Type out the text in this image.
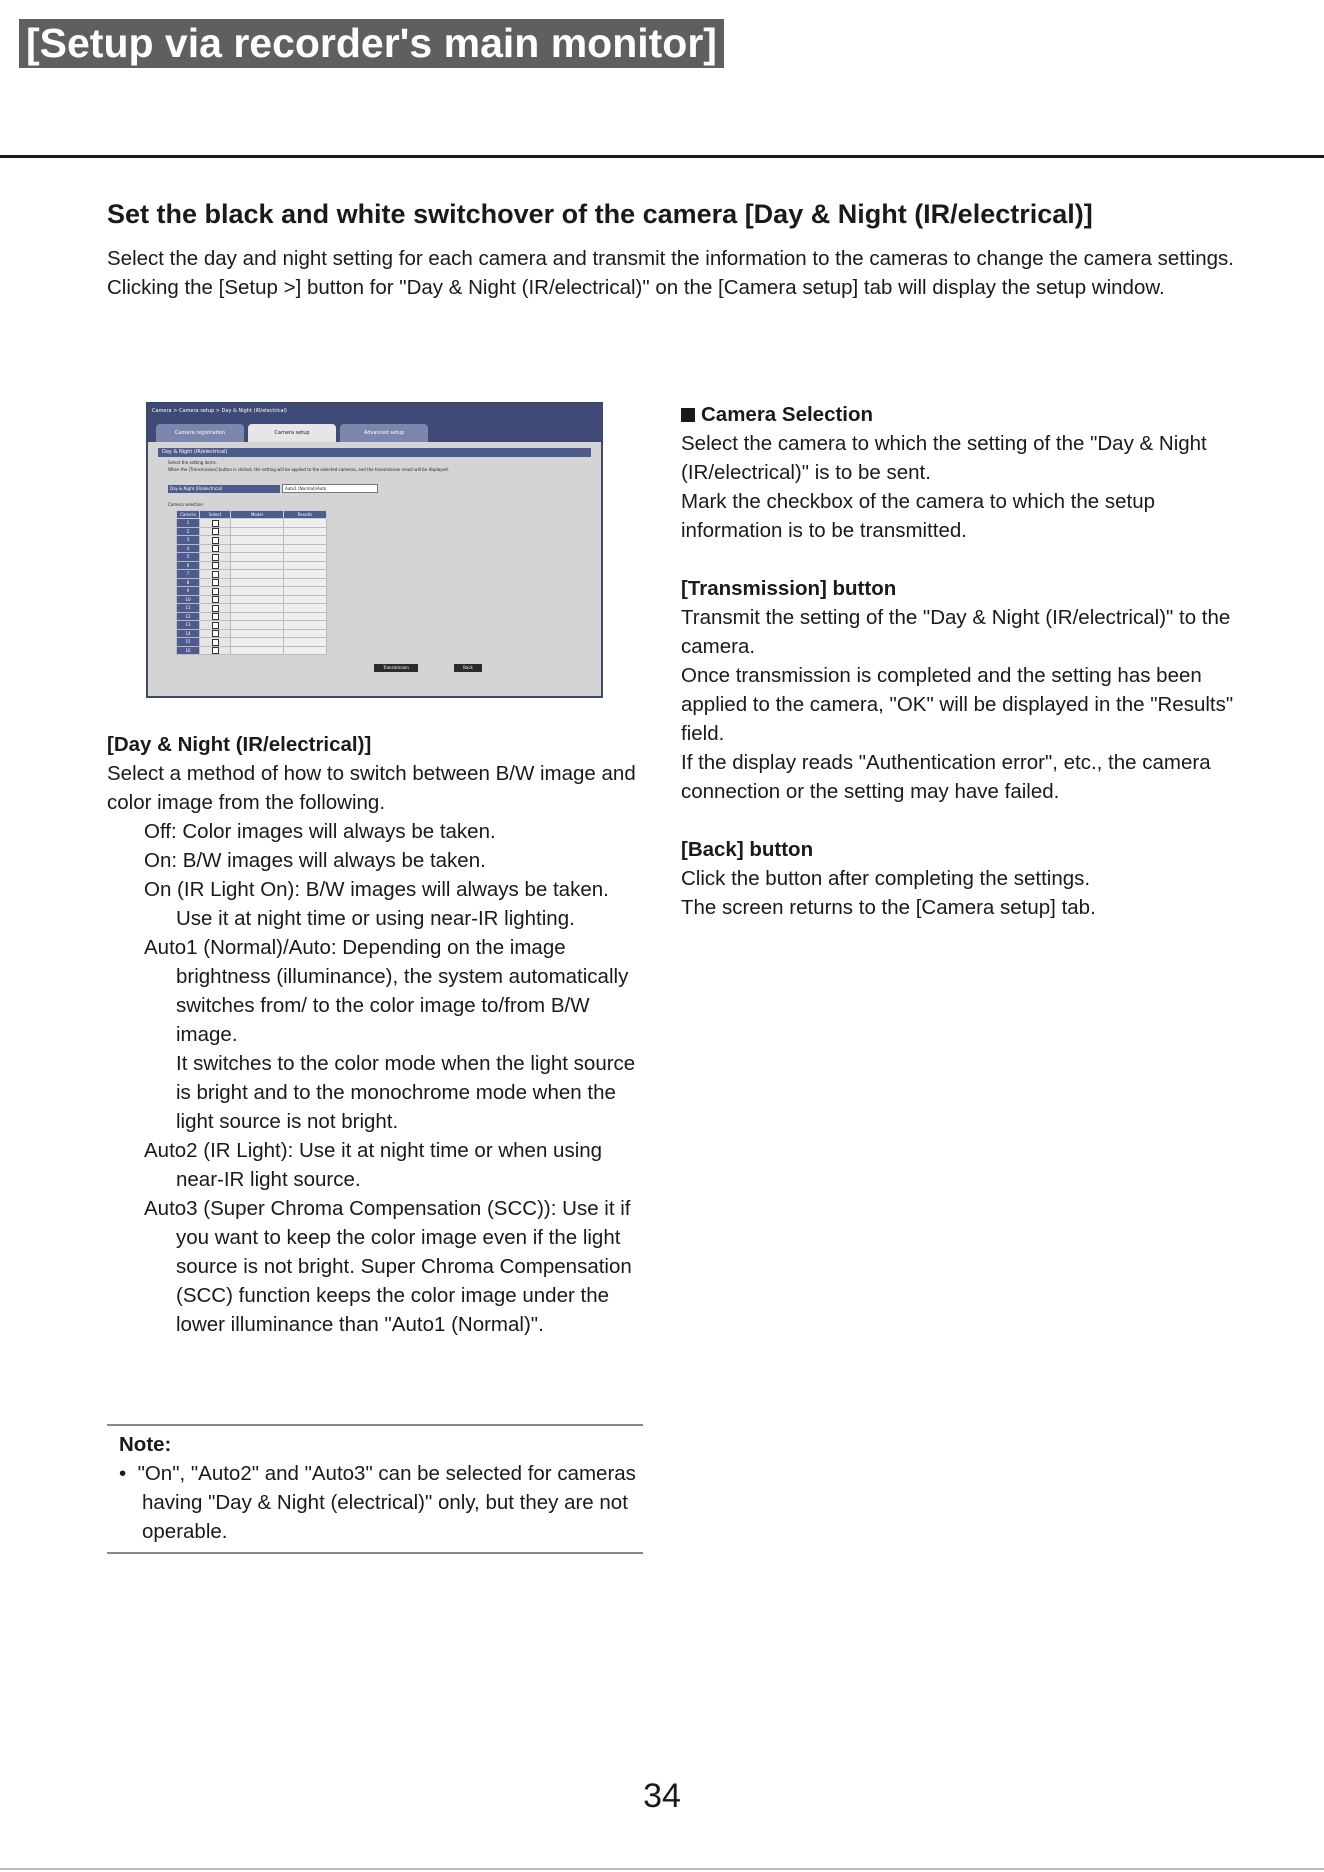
[Setup via recorder's main monitor]
Set the black and white switchover of the camera [Day & Night (IR/electrical)]

Select the day and night setting for each camera and transmit the information to the cameras to change the camera settings.

Clicking the [Setup >] button for "Day & Night (IR/electrical)" on the [Camera setup] tab will display the setup window.

Camera > Camera setup > Day & Night (IR/electrical)
Camera registration	Camera setup	Advanced setup
Day & Night (IR/electrical)
Select the setting items.
When the [Transmission] button is clicked, the setting will be applied to the selected cameras, and the transmission result will be displayed.
Day & Night (IR/electrical)	Auto1 (Normal)/Auto
Camera selection
Camera	Select	Model	Results
1			
2			
3			
4			
5			
6			
7			
8			
9			
10			
11			
12			
13			
14			
15			
16			
Transmission	Back

[Day & Night (IR/electrical)]

Select a method of how to switch between B/W image and color image from the following.

Off: Color images will always be taken.

On: B/W images will always be taken.

On (IR Light On): B/W images will always be taken. Use it at night time or using near-IR lighting.

Auto1 (Normal)/Auto: Depending on the image brightness (illuminance), the system automatically switches from/ to the color image to/from B/W image.

It switches to the color mode when the light source is bright and to the monochrome mode when the light source is not bright.

Auto2 (IR Light): Use it at night time or when using near-IR light source.

Auto3 (Super Chroma Compensation (SCC)): Use it if you want to keep the color image even if the light source is not bright. Super Chroma Compensation (SCC) function keeps the color image under the lower illuminance than "Auto1 (Normal)".

Note:
•  "On", "Auto2" and "Auto3" can be selected for cameras having "Day & Night (electrical)" only, but they are not operable.

Camera Selection

Select the camera to which the setting of the "Day & Night (IR/electrical)" is to be sent.

Mark the checkbox of the camera to which the setup information is to be transmitted.

[Transmission] button

Transmit the setting of the "Day & Night (IR/electrical)" to the camera.

Once transmission is completed and the setting has been applied to the camera, "OK" will be displayed in the "Results" field.

If the display reads "Authentication error", etc., the camera connection or the setting may have failed.

[Back] button

Click the button after completing the settings.

The screen returns to the [Camera setup] tab.

34
